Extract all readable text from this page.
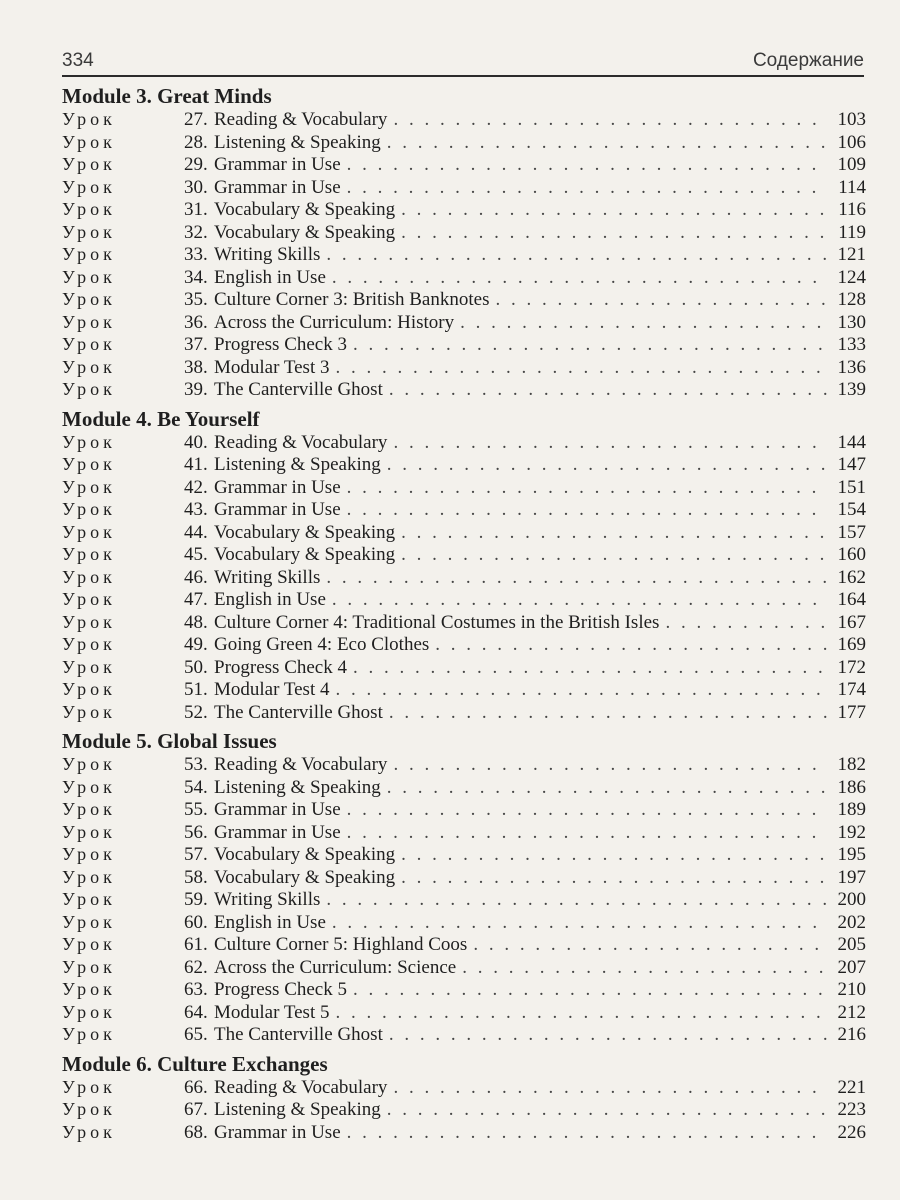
334	Содержание
Module 3. Great Minds
Урок	27. Reading & Vocabulary . . .	103
Урок	28. Listening & Speaking . . .	106
Урок	29. Grammar in Use . . .	109
Урок	30. Grammar in Use . . .	114
Урок	31. Vocabulary & Speaking . . .	116
Урок	32. Vocabulary & Speaking . . .	119
Урок	33. Writing Skills . . .	121
Урок	34. English in Use . . .	124
Урок	35. Culture Corner 3: British Banknotes . . .	128
Урок	36. Across the Curriculum: History . . .	130
Урок	37. Progress Check 3 . . .	133
Урок	38. Modular Test 3 . . .	136
Урок	39. The Canterville Ghost . . .	139
Module 4. Be Yourself
Урок	40. Reading & Vocabulary . . .	144
Урок	41. Listening & Speaking . . .	147
Урок	42. Grammar in Use . . .	151
Урок	43. Grammar in Use . . .	154
Урок	44. Vocabulary & Speaking . . .	157
Урок	45. Vocabulary & Speaking . . .	160
Урок	46. Writing Skills . . .	162
Урок	47. English in Use . . .	164
Урок	48. Culture Corner 4: Traditional Costumes in the British Isles . . .	167
Урок	49. Going Green 4: Eco Clothes . . .	169
Урок	50. Progress Check 4 . . .	172
Урок	51. Modular Test 4 . . .	174
Урок	52. The Canterville Ghost . . .	177
Module 5. Global Issues
Урок	53. Reading & Vocabulary . . .	182
Урок	54. Listening & Speaking . . .	186
Урок	55. Grammar in Use . . .	189
Урок	56. Grammar in Use . . .	192
Урок	57. Vocabulary & Speaking . . .	195
Урок	58. Vocabulary & Speaking . . .	197
Урок	59. Writing Skills . . .	200
Урок	60. English in Use . . .	202
Урок	61. Culture Corner 5: Highland Coos . . .	205
Урок	62. Across the Curriculum: Science . . .	207
Урок	63. Progress Check 5 . . .	210
Урок	64. Modular Test 5 . . .	212
Урок	65. The Canterville Ghost . . .	216
Module 6. Culture Exchanges
Урок	66. Reading & Vocabulary . . .	221
Урок	67. Listening & Speaking . . .	223
Урок	68. Grammar in Use . . .	226
